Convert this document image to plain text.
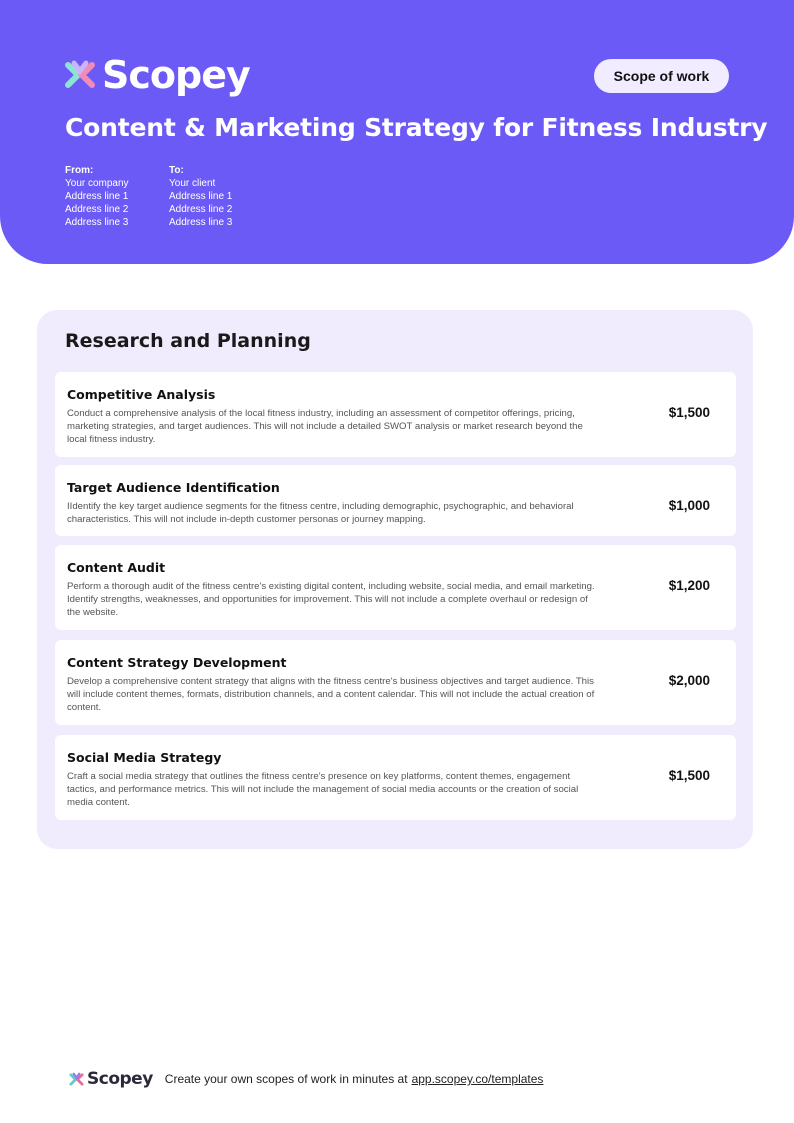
Scopey	Scope of work
Content & Marketing Strategy for Fitness Industry
From:
Your company
Address line 1
Address line 2
Address line 3
To:
Your client
Address line 1
Address line 2
Address line 3
Research and Planning
Competitive Analysis
Conduct a comprehensive analysis of the local fitness industry, including an assessment of competitor offerings, pricing, marketing strategies, and target audiences. This will not include a detailed SWOT analysis or market research beyond the local fitness industry.
$1,500
Target Audience Identification
IIdentify the key target audience segments for the fitness centre, including demographic, psychographic, and behavioral characteristics. This will not include in-depth customer personas or journey mapping.
$1,000
Content Audit
Perform a thorough audit of the fitness centre's existing digital content, including website, social media, and email marketing. Identify strengths, weaknesses, and opportunities for improvement. This will not include a complete overhaul or redesign of the website.
$1,200
Content Strategy Development
Develop a comprehensive content strategy that aligns with the fitness centre's business objectives and target audience. This will include content themes, formats, distribution channels, and a content calendar. This will not include the actual creation of content.
$2,000
Social Media Strategy
Craft a social media strategy that outlines the fitness centre's presence on key platforms, content themes, engagement tactics, and performance metrics. This will not include the management of social media accounts or the creation of social media content.
$1,500
Scopey Create your own scopes of work in minutes at app.scopey.co/templates
